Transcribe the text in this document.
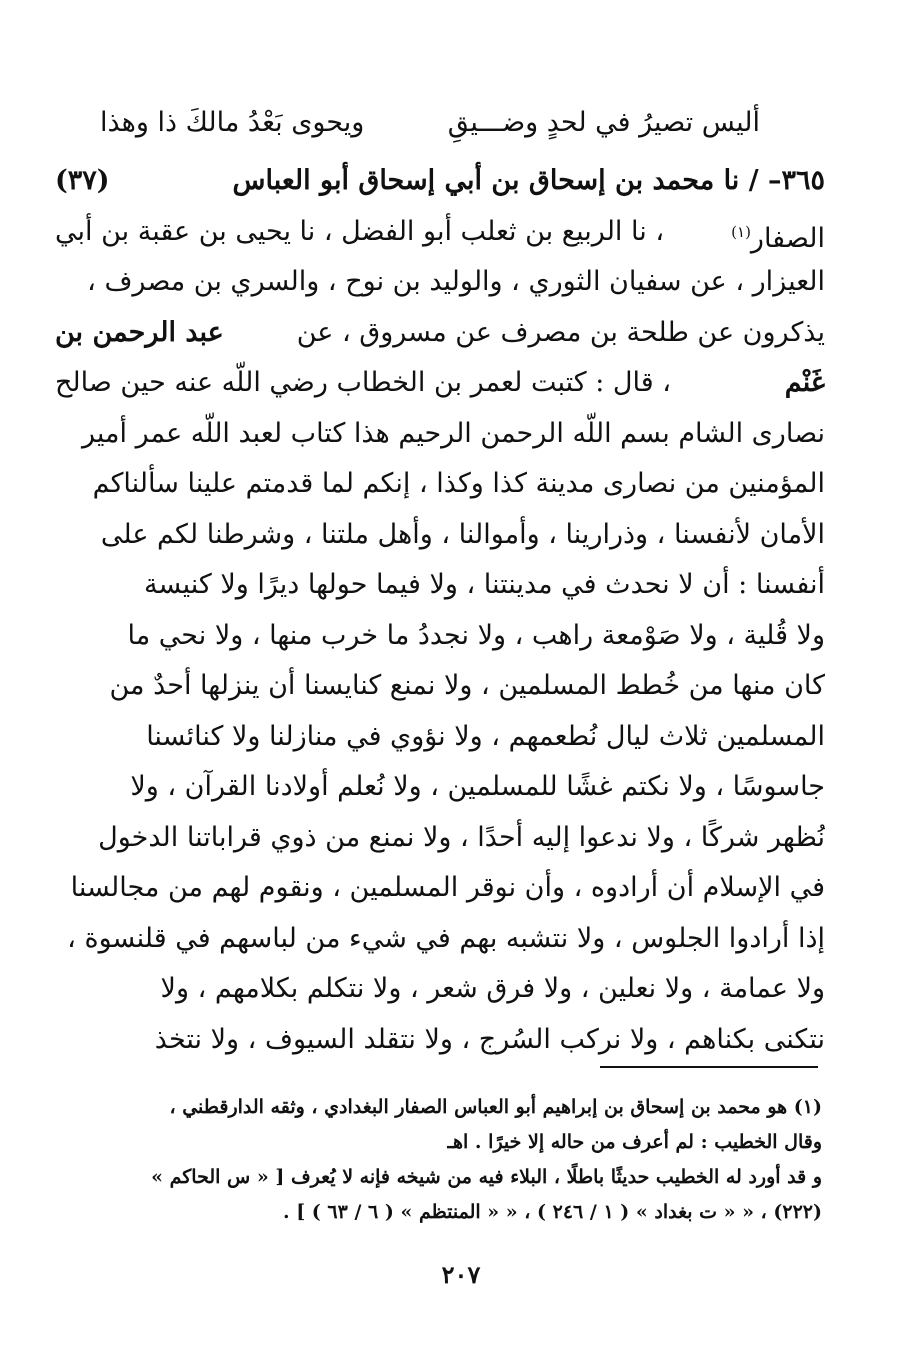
أليس تصيرُ في لحدٍ وضـــيقِ
ويحوى بَعْدُ مالكَ ذا وهذا
٣٦٥– / نا محمد بن إسحاق بن أبي إسحاق أبو العباس
(٣٧)
الصفار$^{(١)}$
، نا الربيع بن ثعلب أبو الفضل ، نا يحيى بن عقبة بن أبي
العيزار ، عن سفيان الثوري ، والوليد بن نوح ، والسري بن مصرف ،
يذكرون عن طلحة بن مصرف عن مسروق ، عن
عبد الرحمن بن
غَنْم
، قال : كتبت لعمر بن الخطاب رضي اللّه عنه حين صالح
نصارى الشام بسم اللّه الرحمن الرحيم هذا كتاب لعبد اللّه عمر أمير
المؤمنين من نصارى مدينة كذا وكذا ، إنكم لما قدمتم علينا سألناكم
الأمان لأنفسنا ، وذرارينا ، وأموالنا ، وأهل ملتنا ، وشرطنا لكم على
أنفسنا : أن لا نحدث في مدينتنا ، ولا فيما حولها ديرًا ولا كنيسة
ولا قُلية ، ولا صَوْمعة راهب ، ولا نجددُ ما خرب منها ، ولا نحي ما
كان منها من خُطط المسلمين ، ولا نمنع كنايسنا أن ينزلها أحدٌ من
المسلمين ثلاث ليال نُطعمهم ، ولا نؤوي في منازلنا ولا كنائسنا
جاسوسًا ، ولا نكتم غشًا للمسلمين ، ولا نُعلم أولادنا القرآن ، ولا
نُظهر شركًا ، ولا ندعوا إليه أحدًا ، ولا نمنع من ذوي قراباتنا الدخول
في الإسلام أن أرادوه ، وأن نوقر المسلمين ، ونقوم لهم من مجالسنا
إذا أرادوا الجلوس ، ولا نتشبه بهم في شيء من لباسهم في قلنسوة ،
ولا عمامة ، ولا نعلين ، ولا فرق شعر ، ولا نتكلم بكلامهم ، ولا
نتكنى بكناهم ، ولا نركب السُرج ، ولا نتقلد السيوف ، ولا نتخذ
(١) هو محمد بن إسحاق بن إبراهيم أبو العباس الصفار البغدادي ، وثقه الدارقطني ،
وقال الخطيب : لم أعرف من حاله إلا خيرًا . اهـ
و قد أورد له الخطيب حديثًا باطلًا ، البلاء فيه من شيخه فإنه لا يُعرف [ « س الحاكم »
(٢٢٢) ، « « ت بغداد » ( ١ / ٢٤٦ ) ، « « المنتظم » ( ٦ / ٦٣ ) ] .
٢٠٧
